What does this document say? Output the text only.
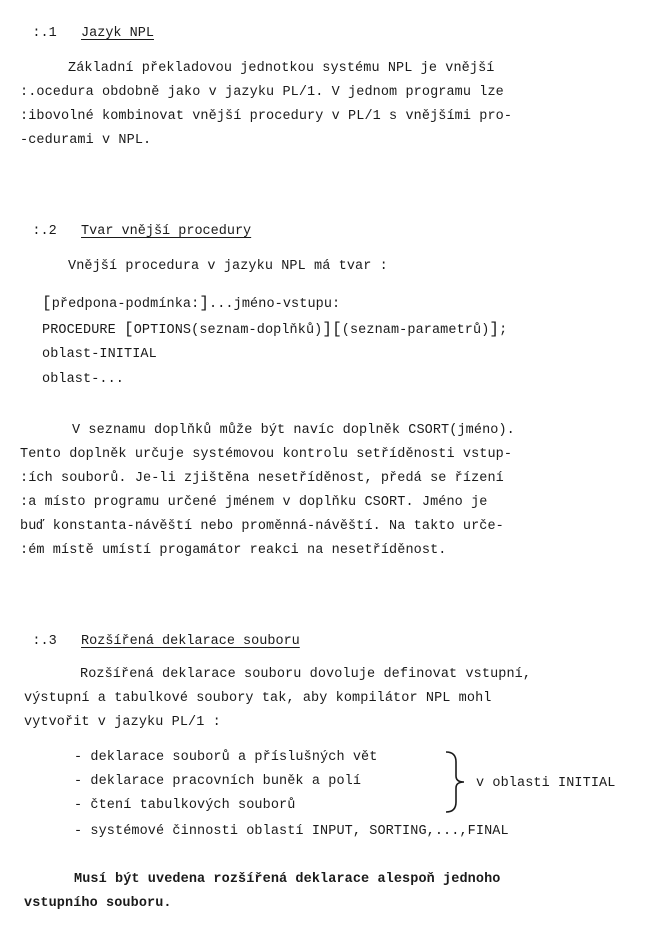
:.1 Jazyk NPL

Základní překladovou jednotkou systému NPL je vnější
:.ocedura obdobně jako v jazyku PL/1. V jednom programu lze
:ibovolné kombinovat vnější procedury v PL/1 s vnějšími pro-
-cedurami v NPL.

:.2 Tvar vnější procedury

Vnější procedura v jazyku NPL má tvar :
[předpona-podmínka:]...jméno-vstupu:
PROCEDURE [OPTIONS(seznam-doplňků)][(seznam-parametrů)];
oblast-INITIAL
oblast-...
V seznamu doplňků může být navíc doplněk CSORT(jméno).
Tento doplněk určuje systémovou kontrolu setříděnosti vstup-
:ích souborů. Je-li zjištěna nesetříděnost, předá se řízení
:a místo programu určené jménem v doplňku CSORT. Jméno je
buď konstanta-návěští nebo proměnná-návěští. Na takto urče-
:ém místě umístí progamátor reakci na nesetříděnost.

:.3 Rozšířená deklarace souboru

Rozšířená deklarace souboru dovoluje definovat vstupní,
výstupní a tabulkové soubory tak, aby kompilátor NPL mohl
vytvořit v jazyku PL/1 :
- deklarace souborů a příslušných vět
- deklarace pracovních buněk a polí
- čtení tabulkových souborů
- systémové činnosti oblastí INPUT, SORTING,...,FINAL
v oblasti INITIAL
Musí být uvedena rozšířená deklarace alespoň jednoho
vstupního souboru.
